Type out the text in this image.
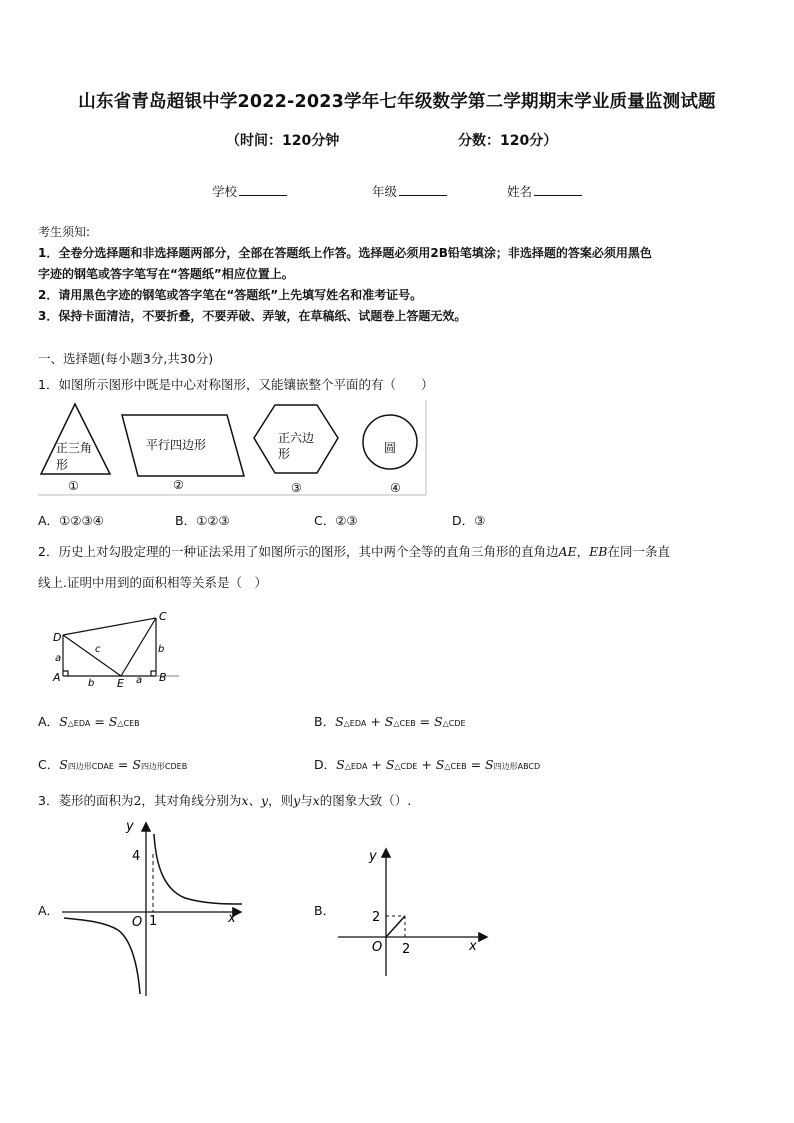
山东省青岛超银中学2022-2023学年七年级数学第二学期期末学业质量监测试题
（时间：120分钟	分数：120分）
学校	年级	姓名
考生须知:
1．全卷分选择题和非选择题两部分，全部在答题纸上作答。选择题必须用2B铅笔填涂；非选择题的答案必须用黑色
字迹的钢笔或答字笔写在“答题纸”相应位置上。
2．请用黑色字迹的钢笔或答字笔在“答题纸”上先填写姓名和准考证号。
3．保持卡面清洁，不要折叠，不要弄破、弄皱，在草稿纸、试题卷上答题无效。
一、选择题(每小题3分,共30分)
1．如图所示图形中既是中心对称图形，又能镶嵌整个平面的有（　　）
正三角
形
①
平行四边形
②
正六边
形
③
圆
④
A．①②③④	B．①②③	C．②③	D．③
2．历史上对勾股定理的一种证法采用了如图所示的图形，其中两个全等的直角三角形的直角边AE，EB在同一条直
线上.证明中用到的面积相等关系是（　）
D
C
A	E	B
a
c	b
b	a
A．S△EDA = S△CEB	B．S△EDA + S△CEB = S△CDE
C．S四边形CDAE = S四边形CDEB	D．S△EDA + S△CDE + S△CEB = S四边形ABCD
3．菱形的面积为2，其对角线分别为x、y，则y与x的图象大致（）.
A．
y
x
O
4
1
B．
y
x
O
2
2
